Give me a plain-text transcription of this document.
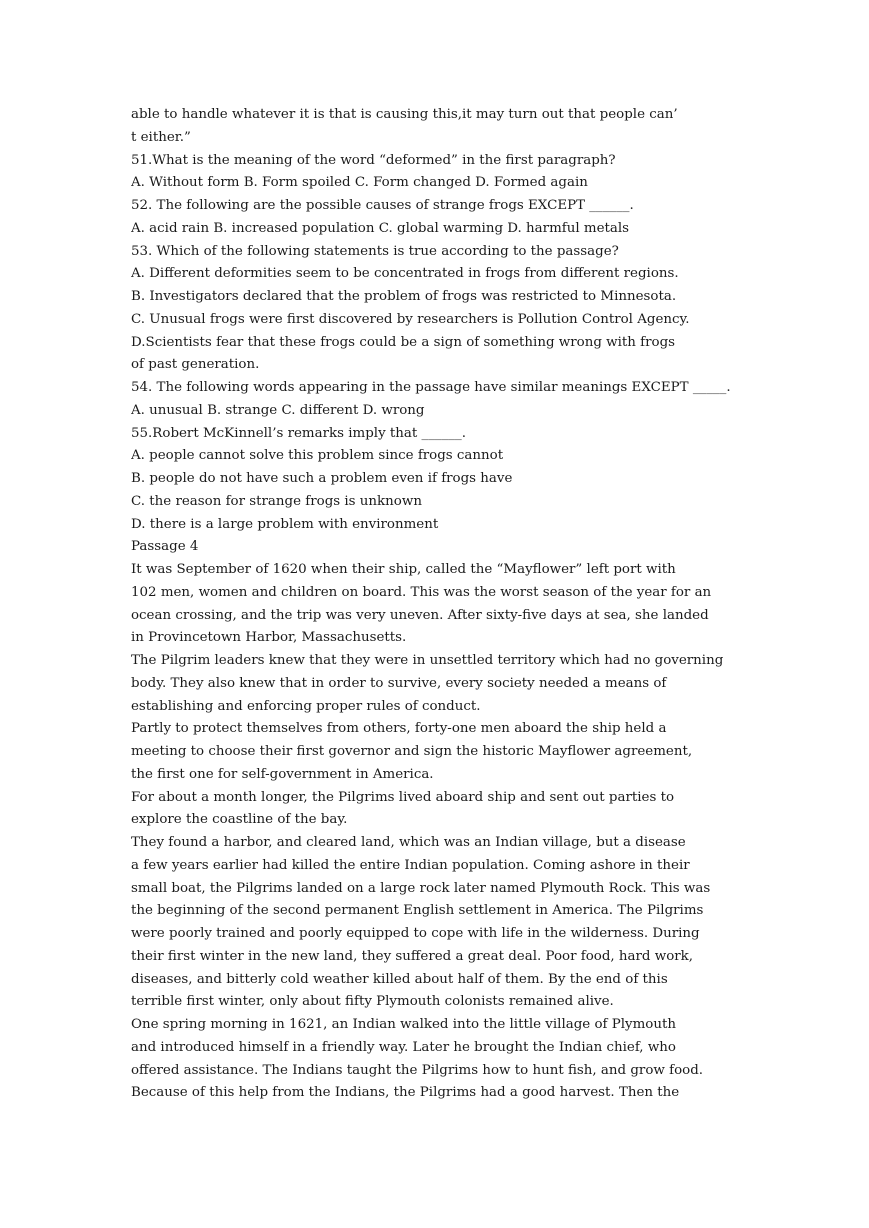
able to handle whatever it is that is causing this,it may turn out that people can’
t either.”
51.What is the meaning of the word “deformed” in the first paragraph?
A. Without form B. Form spoiled C. Form changed D. Formed again
52. The following are the possible causes of strange frogs EXCEPT ______.
A. acid rain B. increased population C. global warming D. harmful metals
53. Which of the following statements is true according to the passage?
A. Different deformities seem to be concentrated in frogs from different regions.
B. Investigators declared that the problem of frogs was restricted to Minnesota.
C. Unusual frogs were first discovered by researchers is Pollution Control Agency.
D.Scientists fear that these frogs could be a sign of something wrong with frogs
of past generation.
54. The following words appearing in the passage have similar meanings EXCEPT _____.
A. unusual B. strange C. different D. wrong
55.Robert McKinnell’s remarks imply that ______.
A. people cannot solve this problem since frogs cannot
B. people do not have such a problem even if frogs have
C. the reason for strange frogs is unknown
D. there is a large problem with environment
Passage 4
It was September of 1620 when their ship, called the “Mayflower” left port with
102 men, women and children on board. This was the worst season of the year for an
ocean crossing, and the trip was very uneven. After sixty-five days at sea, she landed
in Provincetown Harbor, Massachusetts.
The Pilgrim leaders knew that they were in unsettled territory which had no governing
body. They also knew that in order to survive, every society needed a means of
establishing and enforcing proper rules of conduct.
Partly to protect themselves from others, forty-one men aboard the ship held a
meeting to choose their first governor and sign the historic Mayflower agreement,
the first one for self-government in America.
For about a month longer, the Pilgrims lived aboard ship and sent out parties to
explore the coastline of the bay.
They found a harbor, and cleared land, which was an Indian village, but a disease
a few years earlier had killed the entire Indian population. Coming ashore in their
small boat, the Pilgrims landed on a large rock later named Plymouth Rock. This was
the beginning of the second permanent English settlement in America. The Pilgrims
were poorly trained and poorly equipped to cope with life in the wilderness. During
their first winter in the new land, they suffered a great deal. Poor food, hard work,
diseases, and bitterly cold weather killed about half of them. By the end of this
terrible first winter, only about fifty Plymouth colonists remained alive.
One spring morning in 1621, an Indian walked into the little village of Plymouth
and introduced himself in a friendly way. Later he brought the Indian chief, who
offered assistance. The Indians taught the Pilgrims how to hunt fish, and grow food.
Because of this help from the Indians, the Pilgrims had a good harvest. Then the
